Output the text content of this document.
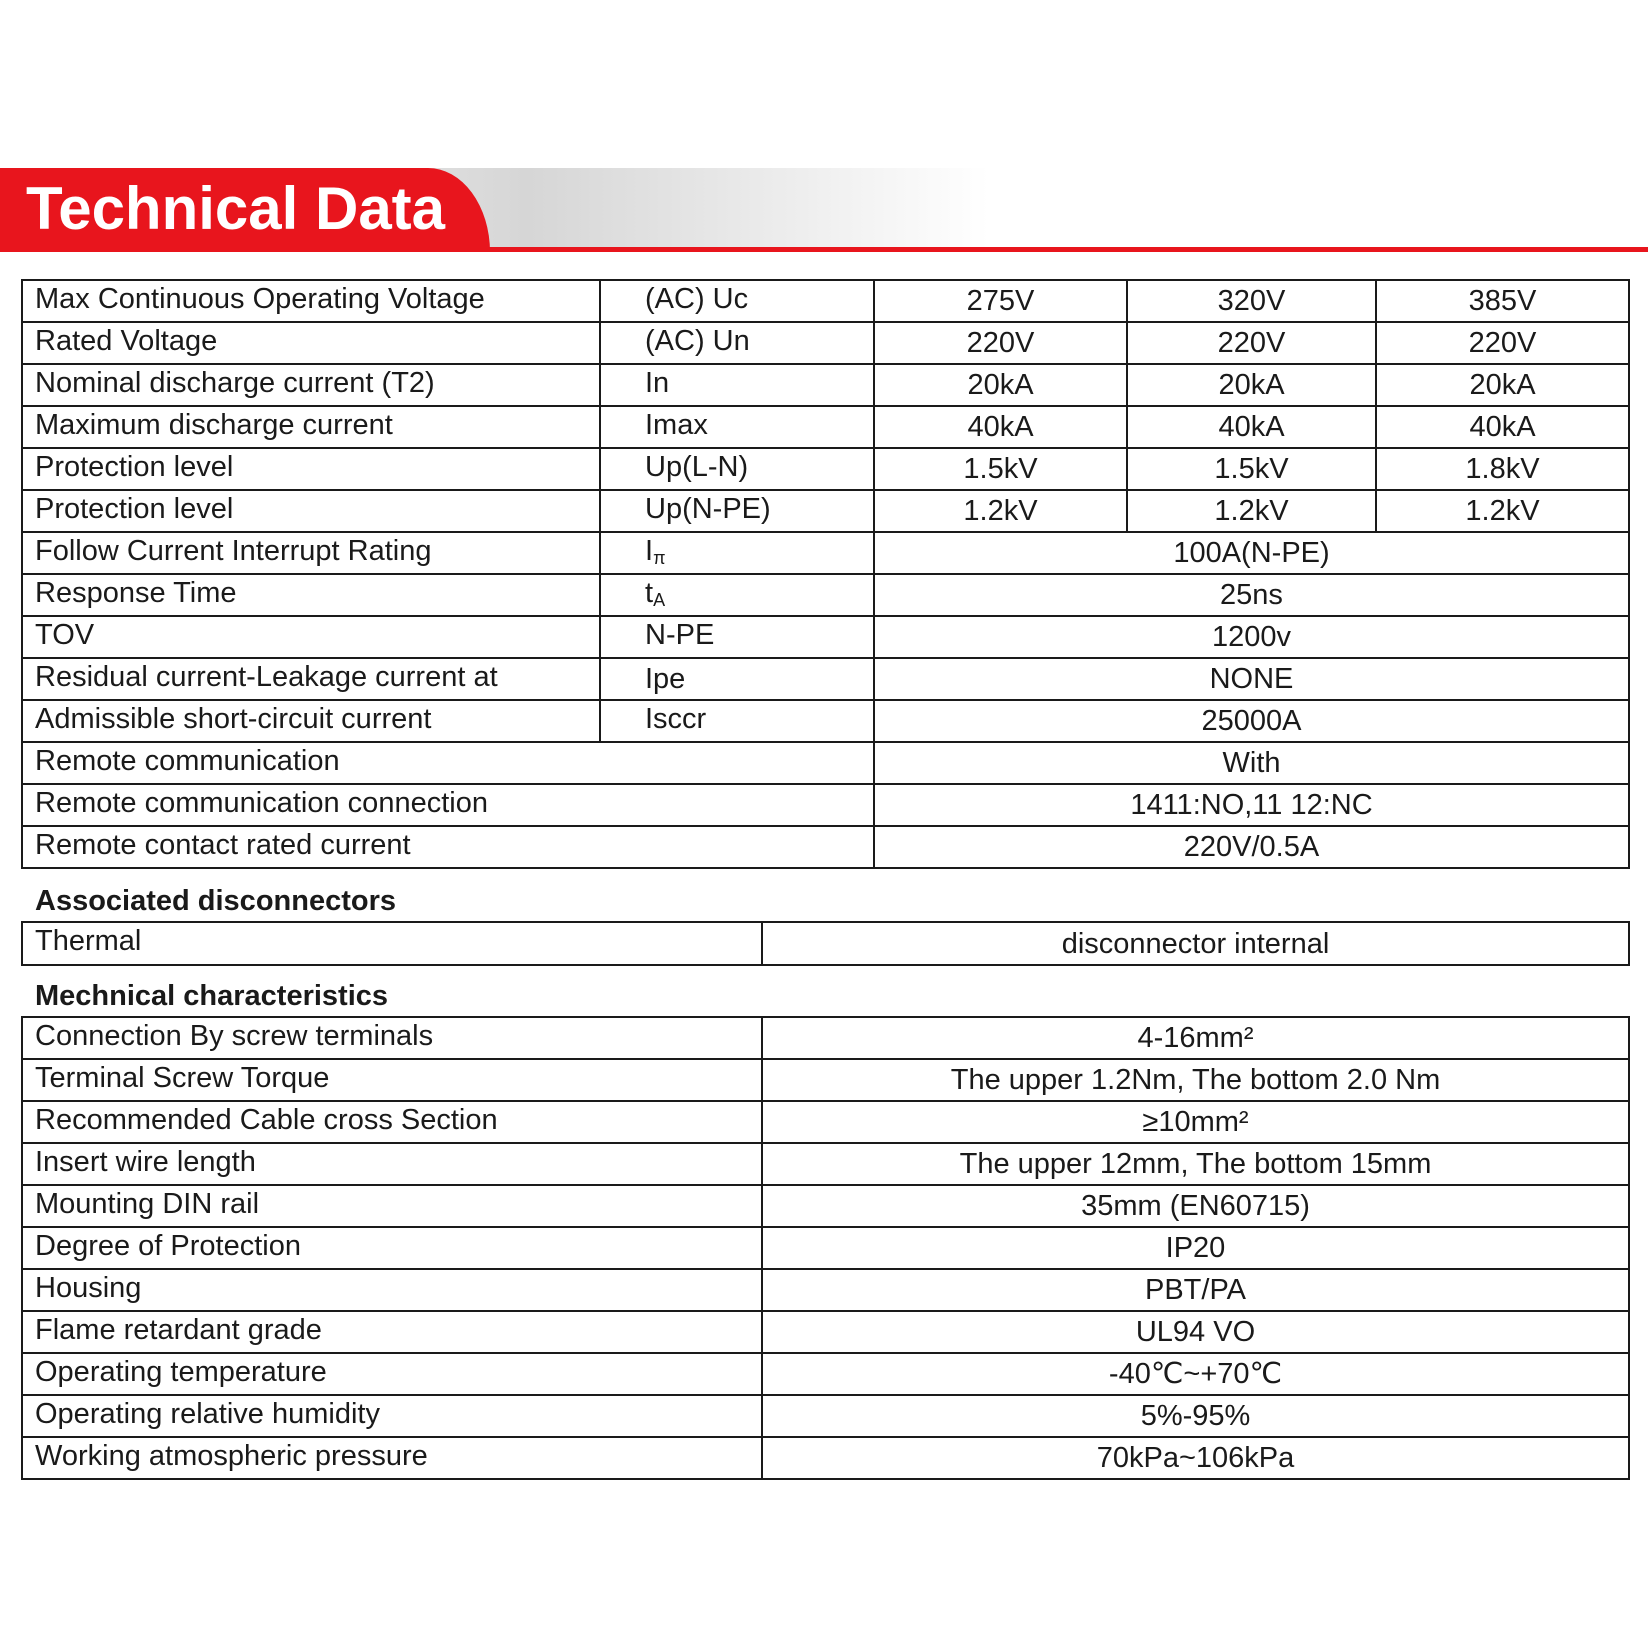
Technical Data
Max Continuous Operating Voltage	(AC) Uc	275V	320V	385V
Rated Voltage	(AC) Un	220V	220V	220V
Nominal discharge current (T2)	In	20kA	20kA	20kA
Maximum discharge current	Imax	40kA	40kA	40kA
Protection level	Up(L-N)	1.5kV	1.5kV	1.8kV
Protection level	Up(N-PE)	1.2kV	1.2kV	1.2kV
Follow Current Interrupt Rating	$I_\pi$	100A(N-PE)		
Response Time	$t_A$	25ns		
TOV	N-PE	1200v		
Residual current-Leakage current at	Ipe	NONE		
Admissible short-circuit current	Isccr	25000A		
Remote communication		With		
Remote communication connection		1411:NO,11 12:NC		
Remote contact rated current		220V/0.5A		
Associated disconnectors
Thermal	disconnector internal
Mechnical characteristics
Connection By screw terminals	4-16mm²
Terminal Screw Torque	The upper 1.2Nm, The bottom 2.0 Nm
Recommended Cable cross Section	≥10mm²
Insert wire length	The upper 12mm, The bottom 15mm
Mounting DIN rail	35mm (EN60715)
Degree of Protection	IP20
Housing	PBT/PA
Flame retardant grade	UL94 VO
Operating temperature	-40℃~+70℃
Operating relative humidity	5%-95%
Working atmospheric pressure	70kPa~106kPa
